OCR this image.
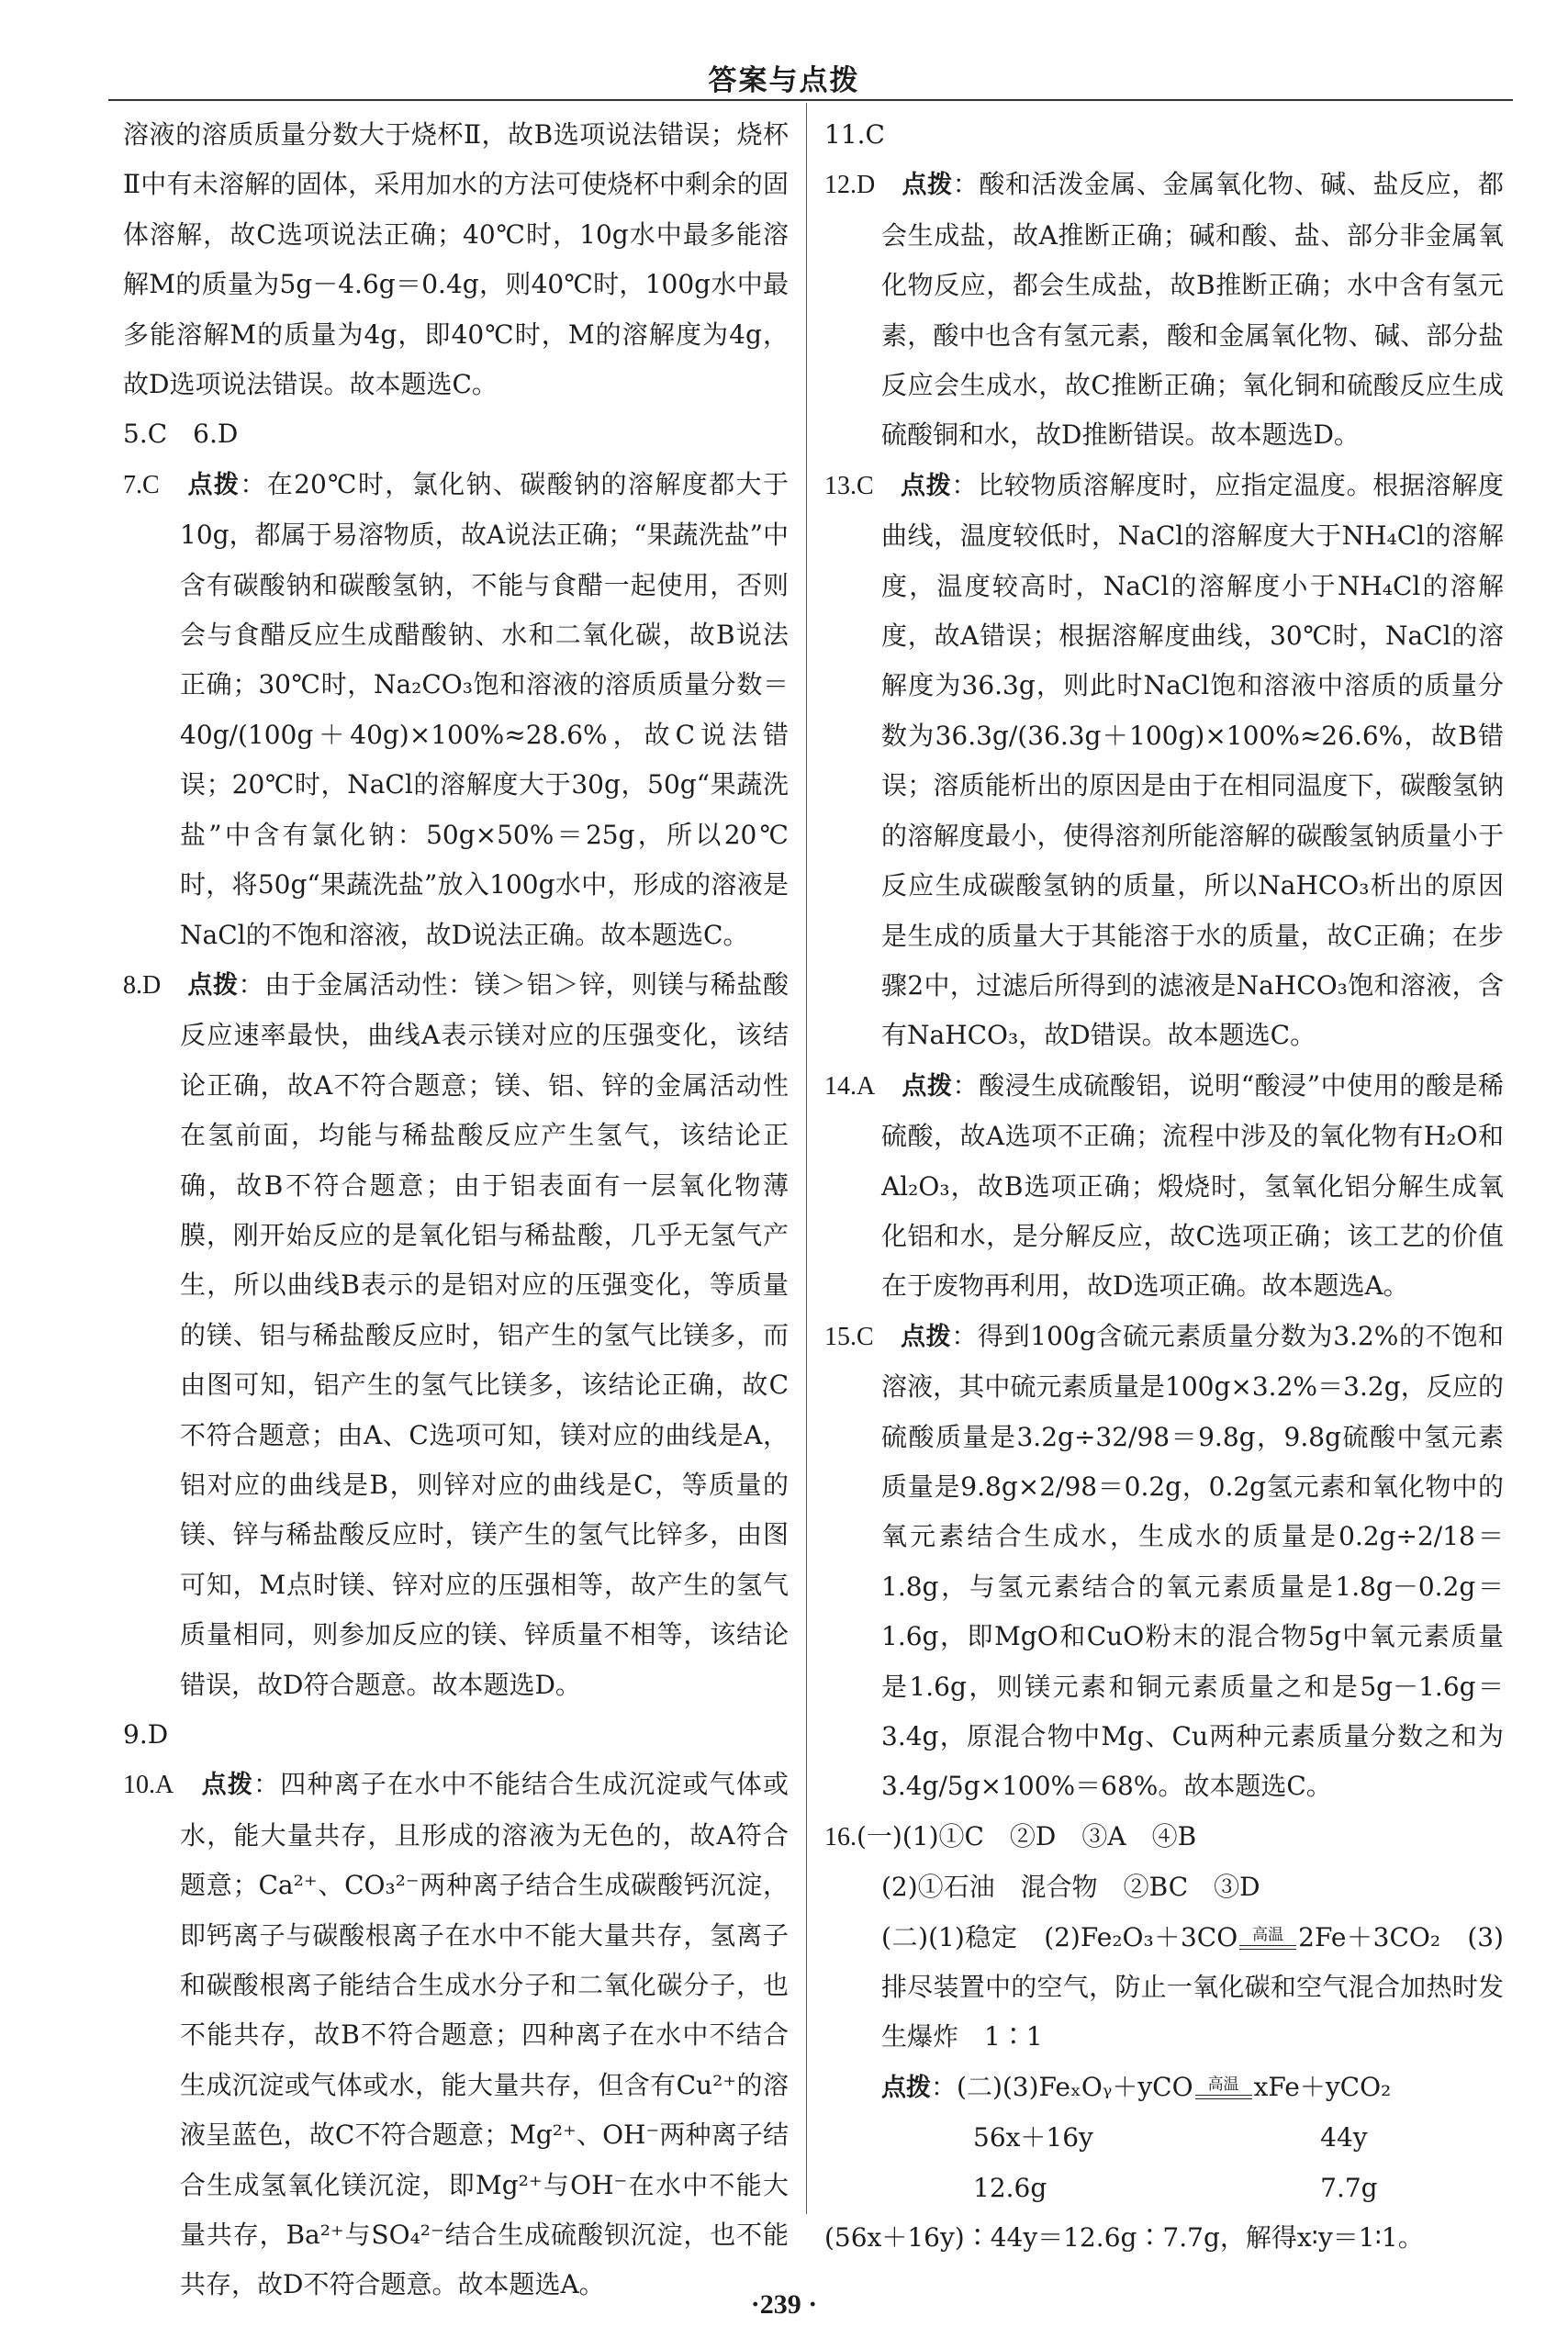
答案与点拨

溶液的溶质质量分数大于烧杯Ⅱ，故B选项说法错误；烧杯Ⅱ中有未溶解的固体，采用加水的方法可使烧杯中剩余的固体溶解，故C选项说法正确；40℃时，10g水中最多能溶解M的质量为5g－4.6g＝0.4g，则40℃时，100g水中最多能溶解M的质量为4g，即40℃时，M的溶解度为4g，故D选项说法错误。故本题选C。

5.C　6.D

7.C　 点拨：在20℃时，氯化钠、碳酸钠的溶解度都大于10g，都属于易溶物质，故A说法正确；“果蔬洗盐”中含有碳酸钠和碳酸氢钠，不能与食醋一起使用，否则会与食醋反应生成醋酸钠、水和二氧化碳，故B说法正确；30℃时，Na₂CO₃饱和溶液的溶质质量分数＝40g/(100g＋40g)×100%≈28.6%，故C说法错误；20℃时，NaCl的溶解度大于30g，50g“果蔬洗盐”中含有氯化钠：50g×50%＝25g，所以20℃时，将50g“果蔬洗盐”放入100g水中，形成的溶液是NaCl的不饱和溶液，故D说法正确。故本题选C。

8.D　 点拨：由于金属活动性：镁＞铝＞锌，则镁与稀盐酸反应速率最快，曲线A表示镁对应的压强变化，该结论正确，故A不符合题意；镁、铝、锌的金属活动性在氢前面，均能与稀盐酸反应产生氢气，该结论正确，故B不符合题意；由于铝表面有一层氧化物薄膜，刚开始反应的是氧化铝与稀盐酸，几乎无氢气产生，所以曲线B表示的是铝对应的压强变化，等质量的镁、铝与稀盐酸反应时，铝产生的氢气比镁多，而由图可知，铝产生的氢气比镁多，该结论正确，故C不符合题意；由A、C选项可知，镁对应的曲线是A，铝对应的曲线是B，则锌对应的曲线是C，等质量的镁、锌与稀盐酸反应时，镁产生的氢气比锌多，由图可知，M点时镁、锌对应的压强相等，故产生的氢气质量相同，则参加反应的镁、锌质量不相等，该结论错误，故D符合题意。故本题选D。

9.D

10.A　 点拨：四种离子在水中不能结合生成沉淀或气体或水，能大量共存，且形成的溶液为无色的，故A符合题意；Ca²⁺、CO₃²⁻两种离子结合生成碳酸钙沉淀，即钙离子与碳酸根离子在水中不能大量共存，氢离子和碳酸根离子能结合生成水分子和二氧化碳分子，也不能共存，故B不符合题意；四种离子在水中不结合生成沉淀或气体或水，能大量共存，但含有Cu²⁺的溶液呈蓝色，故C不符合题意；Mg²⁺、OH⁻两种离子结合生成氢氧化镁沉淀，即Mg²⁺与OH⁻在水中不能大量共存，Ba²⁺与SO₄²⁻结合生成硫酸钡沉淀，也不能共存，故D不符合题意。故本题选A。

11.C

12.D　 点拨：酸和活泼金属、金属氧化物、碱、盐反应，都会生成盐，故A推断正确；碱和酸、盐、部分非金属氧化物反应，都会生成盐，故B推断正确；水中含有氢元素，酸中也含有氢元素，酸和金属氧化物、碱、部分盐反应会生成水，故C推断正确；氧化铜和硫酸反应生成硫酸铜和水，故D推断错误。故本题选D。

13.C　 点拨：比较物质溶解度时，应指定温度。根据溶解度曲线，温度较低时，NaCl的溶解度大于NH₄Cl的溶解度，温度较高时，NaCl的溶解度小于NH₄Cl的溶解度，故A错误；根据溶解度曲线，30℃时，NaCl的溶解度为36.3g，则此时NaCl饱和溶液中溶质的质量分数为36.3g/(36.3g＋100g)×100%≈26.6%，故B错误；溶质能析出的原因是由于在相同温度下，碳酸氢钠的溶解度最小，使得溶剂所能溶解的碳酸氢钠质量小于反应生成碳酸氢钠的质量，所以NaHCO₃析出的原因是生成的质量大于其能溶于水的质量，故C正确；在步骤2中，过滤后所得到的滤液是NaHCO₃饱和溶液，含有NaHCO₃，故D错误。故本题选C。

14.A　 点拨：酸浸生成硫酸铝，说明“酸浸”中使用的酸是稀硫酸，故A选项不正确；流程中涉及的氧化物有H₂O和Al₂O₃，故B选项正确；煅烧时，氢氧化铝分解生成氧化铝和水，是分解反应，故C选项正确；该工艺的价值在于废物再利用，故D选项正确。故本题选A。

15.C　 点拨：得到100g含硫元素质量分数为3.2%的不饱和溶液，其中硫元素质量是100g×3.2%＝3.2g，反应的硫酸质量是3.2g÷32/98＝9.8g，9.8g硫酸中氢元素质量是9.8g×2/98＝0.2g，0.2g氢元素和氧化物中的氧元素结合生成水，生成水的质量是0.2g÷2/18＝1.8g，与氢元素结合的氧元素质量是1.8g－0.2g＝1.6g，即MgO和CuO粉末的混合物5g中氧元素质量是1.6g，则镁元素和铜元素质量之和是5g－1.6g＝3.4g，原混合物中Mg、Cu两种元素质量分数之和为3.4g/5g×100%＝68%。故本题选C。

16.(一)(1)①C　②D　③A　④B
(2)①石油　混合物　②BC　③D
(二)(1)稳定　(2)Fe₂O₃＋3CO 高温 2Fe＋3CO₂　(3)排尽装置中的空气，防止一氧化碳和空气混合加热时发生爆炸　1∶1
点拨：(二)(3)FeₓOᵧ＋yCO 高温 xFe＋yCO₂
56x＋16y	44y
12.6g	7.7g
(56x＋16y)∶44y＝12.6g∶7.7g，解得x∶y＝1∶1。
·239 ·
